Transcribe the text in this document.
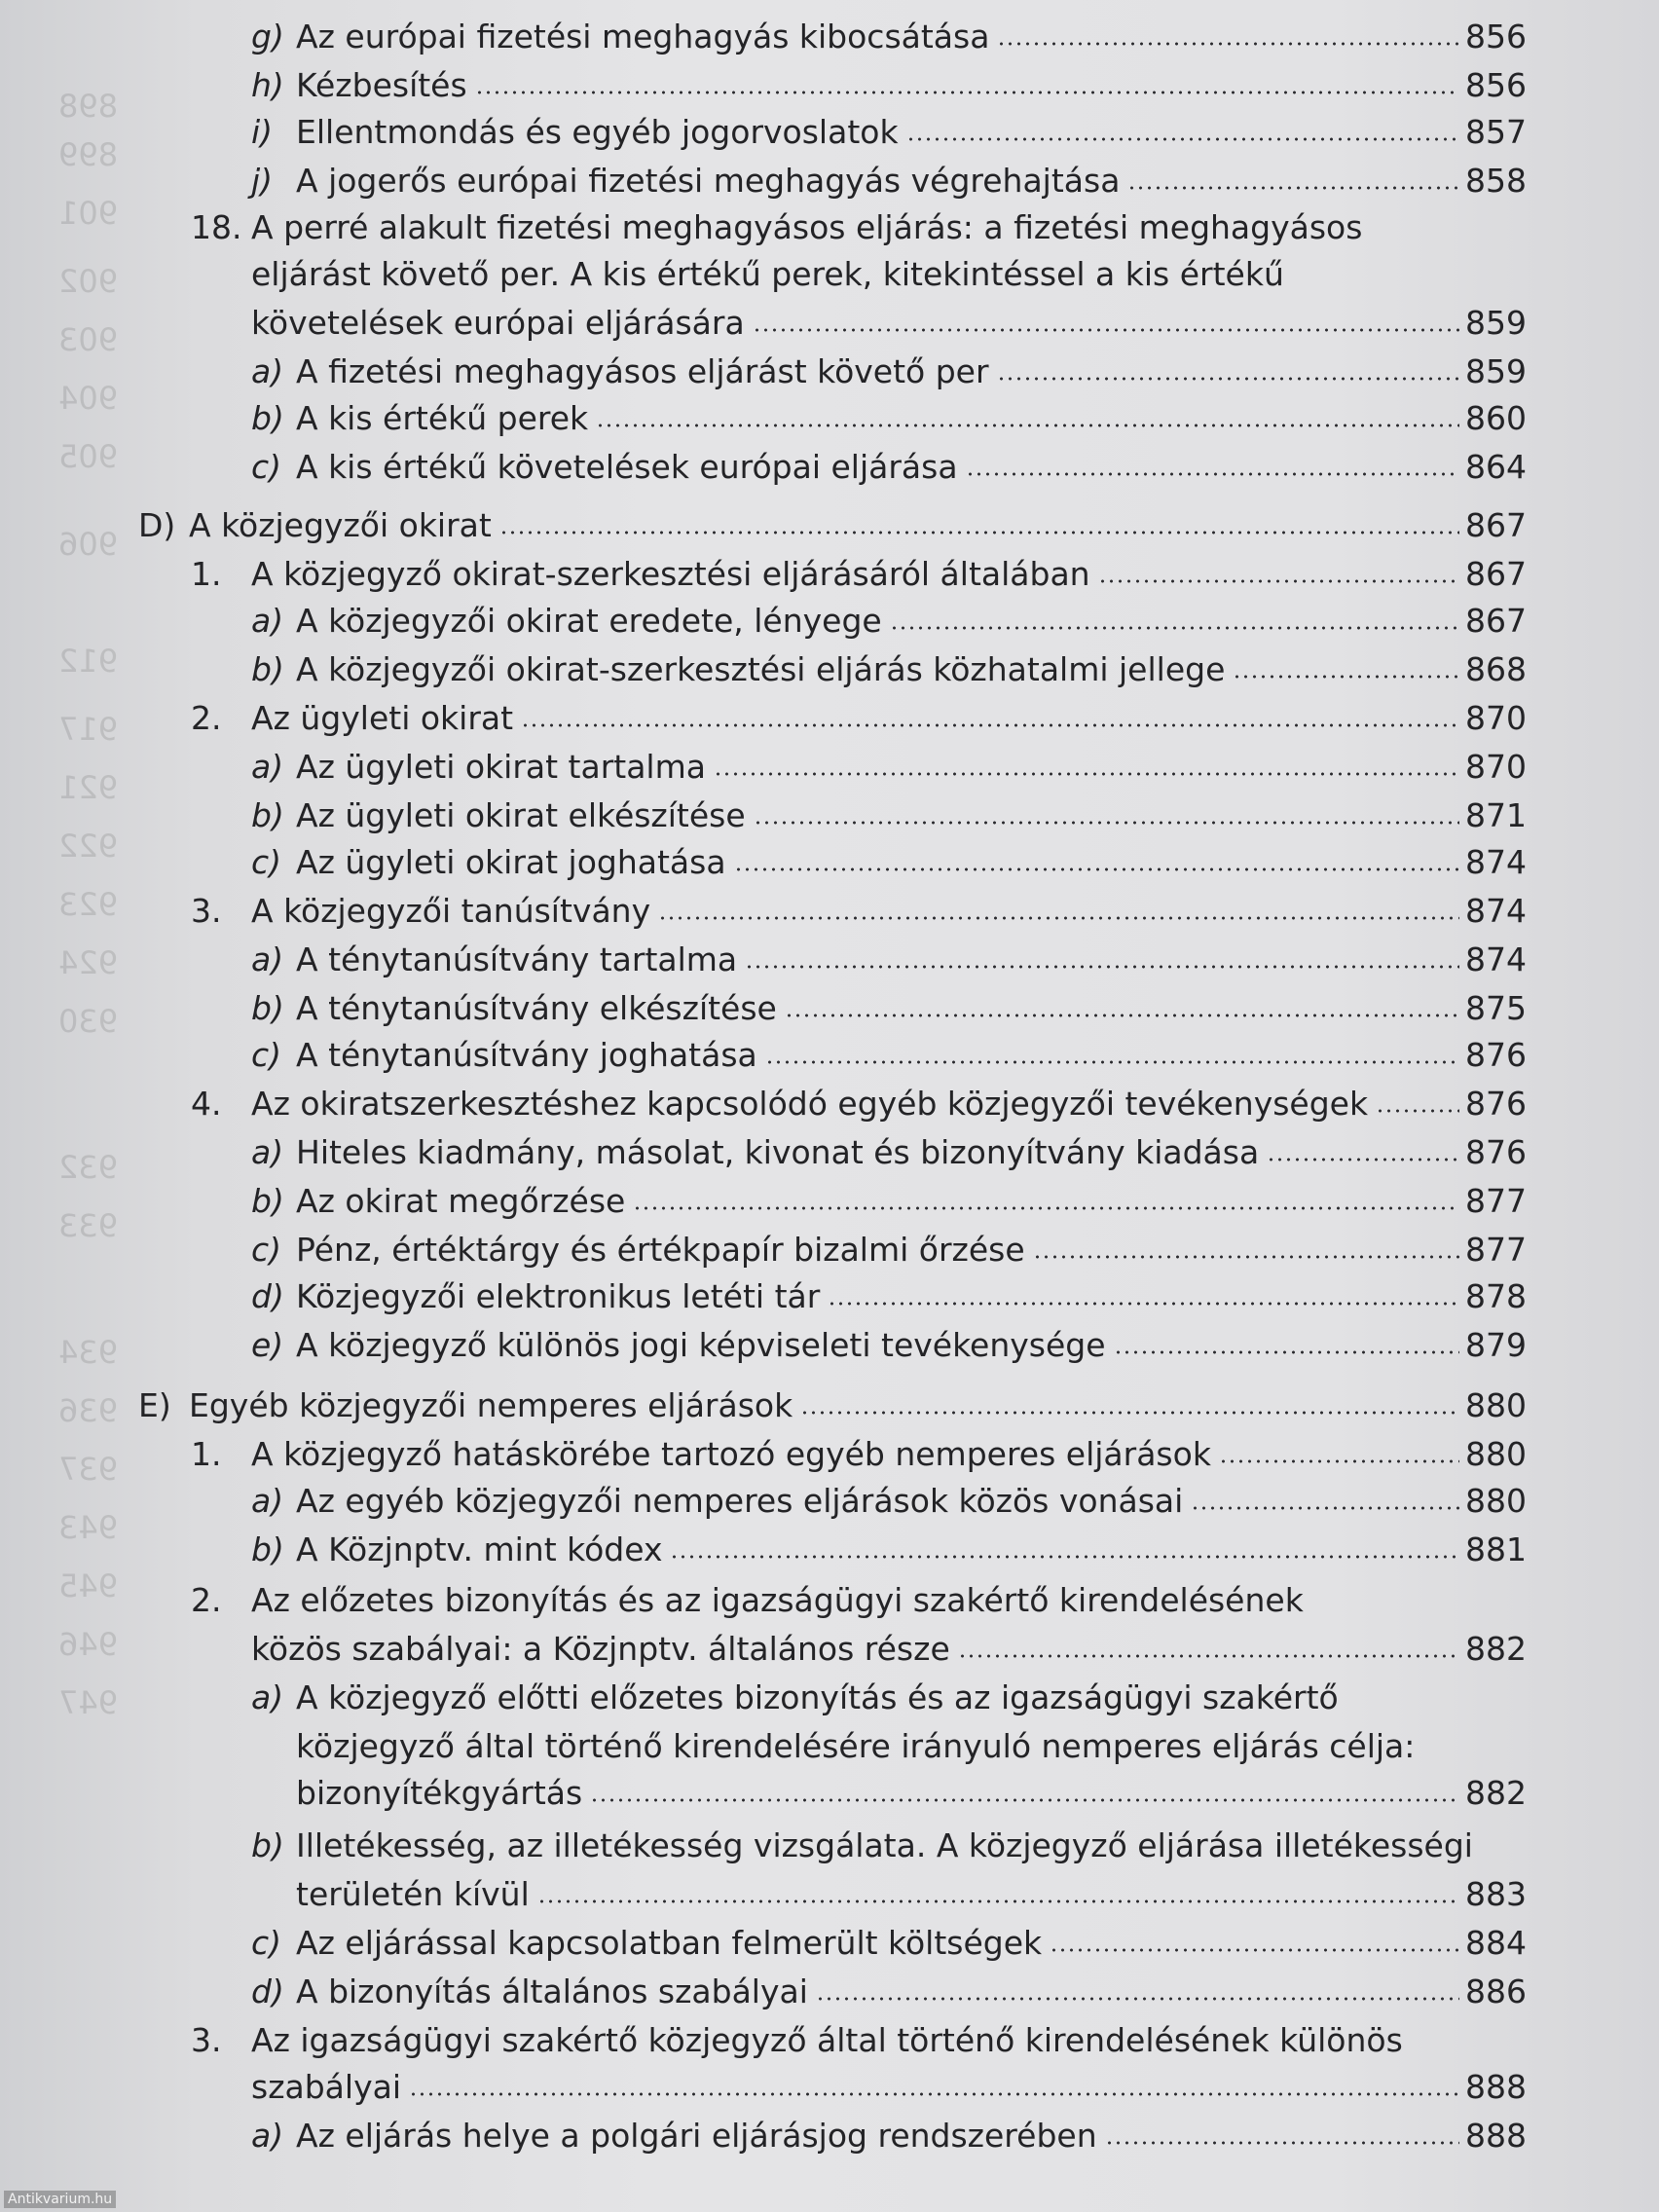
g) Az európai fizetési meghagyás kibocsátása	856
h) Kézbesítés	856
i) Ellentmondás és egyéb jogorvoslatok	857
j) A jogerős európai fizetési meghagyás végrehajtása	858
18. A perré alakult fizetési meghagyásos eljárás: a fizetési meghagyásos
eljárást követő per. A kis értékű perek, kitekintéssel a kis értékű
követelések európai eljárására	859
a) A fizetési meghagyásos eljárást követő per	859
b) A kis értékű perek	860
c) A kis értékű követelések európai eljárása	864
D) A közjegyzői okirat	867
1. A közjegyző okirat-szerkesztési eljárásáról általában	867
a) A közjegyzői okirat eredete, lényege	867
b) A közjegyzői okirat-szerkesztési eljárás közhatalmi jellege	868
2. Az ügyleti okirat	870
a) Az ügyleti okirat tartalma	870
b) Az ügyleti okirat elkészítése	871
c) Az ügyleti okirat joghatása	874
3. A közjegyzői tanúsítvány	874
a) A ténytanúsítvány tartalma	874
b) A ténytanúsítvány elkészítése	875
c) A ténytanúsítvány joghatása	876
4. Az okiratszerkesztéshez kapcsolódó egyéb közjegyzői tevékenységek	876
a) Hiteles kiadmány, másolat, kivonat és bizonyítvány kiadása	876
b) Az okirat megőrzése	877
c) Pénz, értéktárgy és értékpapír bizalmi őrzése	877
d) Közjegyzői elektronikus letéti tár	878
e) A közjegyző különös jogi képviseleti tevékenysége	879
E) Egyéb közjegyzői nemperes eljárások	880
1. A közjegyző hatáskörébe tartozó egyéb nemperes eljárások	880
a) Az egyéb közjegyzői nemperes eljárások közös vonásai	880
b) A Közjnptv. mint kódex	881
2. Az előzetes bizonyítás és az igazságügyi szakértő kirendelésének
közös szabályai: a Közjnptv. általános része	882
a) A közjegyző előtti előzetes bizonyítás és az igazságügyi szakértő
közjegyző által történő kirendelésére irányuló nemperes eljárás célja:
bizonyítékgyártás	882
b) Illetékesség, az illetékesség vizsgálata. A közjegyző eljárása illetékességi
területén kívül	883
c) Az eljárással kapcsolatban felmerült költségek	884
d) A bizonyítás általános szabályai	886
3. Az igazságügyi szakértő közjegyző által történő kirendelésének különös
szabályai	888
a) Az eljárás helye a polgári eljárásjog rendszerében	888
898
899
901
902
903
904
905
906
912
917
921
922
923
924
930
932
933
934
936
937
943
945
946
947
Antikvarium.hu
